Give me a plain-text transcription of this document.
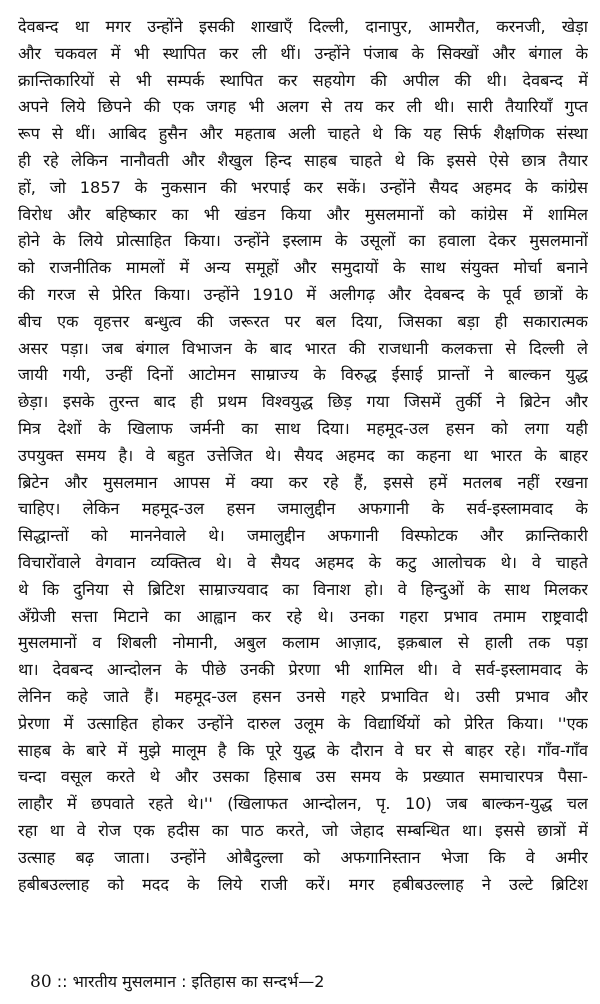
देवबन्द था मगर उन्होंने इसकी शाखाएँ दिल्ली, दानापुर, आमरौत, करनजी, खेड़ा
और चकवल में भी स्थापित कर ली थीं। उन्होंने पंजाब के सिक्खों और बंगाल के
क्रान्तिकारियों से भी सम्पर्क स्थापित कर सहयोग की अपील की थी। देवबन्द में
अपने लिये छिपने की एक जगह भी अलग से तय कर ली थी। सारी तैयारियाँ गुप्त
रूप से थीं। आबिद हुसैन और महताब अली चाहते थे कि यह सिर्फ शैक्षणिक संस्था
ही रहे लेकिन नानौवती और शैखुल हिन्द साहब चाहते थे कि इससे ऐसे छात्र तैयार
हों, जो 1857 के नुकसान की भरपाई कर सकें। उन्होंने सैयद अहमद के कांग्रेस
विरोध और बहिष्कार का भी खंडन किया और मुसलमानों को कांग्रेस में शामिल
होने के लिये प्रोत्साहित किया। उन्होंने इस्लाम के उसूलों का हवाला देकर मुसलमानों
को राजनीतिक मामलों में अन्य समूहों और समुदायों के साथ संयुक्त मोर्चा बनाने
की गरज से प्रेरित किया। उन्होंने 1910 में अलीगढ़ और देवबन्द के पूर्व छात्रों के
बीच एक वृहत्तर बन्धुत्व की जरूरत पर बल दिया, जिसका बड़ा ही सकारात्मक
असर पड़ा। जब बंगाल विभाजन के बाद भारत की राजधानी कलकत्ता से दिल्ली ले
जायी गयी, उन्हीं दिनों आटोमन साम्राज्य के विरुद्ध ईसाई प्रान्तों ने बाल्कन युद्ध
छेड़ा। इसके तुरन्त बाद ही प्रथम विश्वयुद्ध छिड़ गया जिसमें तुर्की ने ब्रिटेन और
मित्र देशों के खिलाफ जर्मनी का साथ दिया। महमूद-उल हसन को लगा यही
उपयुक्त समय है। वे बहुत उत्तेजित थे। सैयद अहमद का कहना था भारत के बाहर
ब्रिटेन और मुसलमान आपस में क्या कर रहे हैं, इससे हमें मतलब नहीं रखना
चाहिए। लेकिन महमूद-उल हसन जमालुद्दीन अफगानी के सर्व-इस्लामवाद के
सिद्धान्तों को माननेवाले थे। जमालुद्दीन अफगानी विस्फोटक और क्रान्तिकारी
विचारोंवाले वेगवान व्यक्तित्व थे। वे सैयद अहमद के कटु आलोचक थे। वे चाहते
थे कि दुनिया से ब्रिटिश साम्राज्यवाद का विनाश हो। वे हिन्दुओं के साथ मिलकर
अँग्रेजी सत्ता मिटाने का आह्वान कर रहे थे। उनका गहरा प्रभाव तमाम राष्ट्रवादी
मुसलमानों व शिबली नोमानी, अबुल कलाम आज़ाद, इक़बाल से हाली तक पड़ा
था। देवबन्द आन्दोलन के पीछे उनकी प्रेरणा भी शामिल थी। वे सर्व-इस्लामवाद के
लेनिन कहे जाते हैं। महमूद-उल हसन उनसे गहरे प्रभावित थे। उसी प्रभाव और
प्रेरणा में उत्साहित होकर उन्होंने दारुल उलूम के विद्यार्थियों को प्रेरित किया। ''एक
साहब के बारे में मुझे मालूम है कि पूरे युद्ध के दौरान वे घर से बाहर रहे। गाँव-गाँव
चन्दा वसूल करते थे और उसका हिसाब उस समय के प्रख्यात समाचारपत्र पैसा-
लाहौर में छपवाते रहते थे।'' (खिलाफत आन्दोलन, पृ. 10) जब बाल्कन-युद्ध चल
रहा था वे रोज एक हदीस का पाठ करते, जो जेहाद सम्बन्धित था। इससे छात्रों में
उत्साह बढ़ जाता। उन्होंने ओबैदुल्ला को अफगानिस्तान भेजा कि वे अमीर
हबीबउल्लाह को मदद के लिये राजी करें। मगर हबीबउल्लाह ने उल्टे ब्रिटिश
80 :: भारतीय मुसलमान : इतिहास का सन्दर्भ—2
